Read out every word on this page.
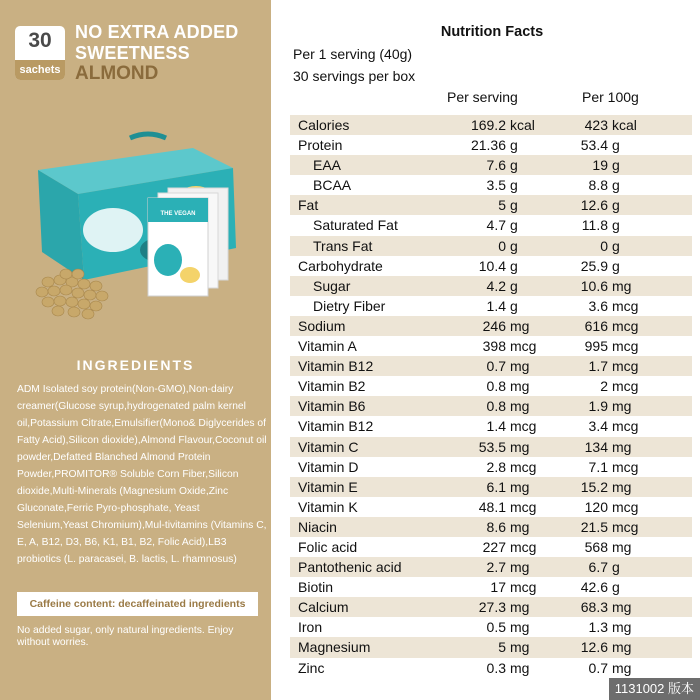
30
sachets
NO EXTRA ADDED SWEETNESS
ALMOND
THE VEGAN
INGREDIENTS
ADM Isolated soy protein(Non-GMO),Non-dairy creamer(Glucose syrup,hydrogenated palm kernel oil,Potassium Citrate,Emulsifier(Mono& Diglycerides of Fatty Acid),Silicon dioxide),Almond Flavour,Coconut oil powder,Defatted Blanched Almond Protein Powder,PROMITOR® Soluble Corn Fiber,Silicon dioxide,Multi-Minerals (Magnesium Oxide,Zinc Gluconate,Ferric Pyro-phosphate, Yeast Selenium,Yeast Chromium),Mul-tivitamins (Vitamins C, E, A, B12, D3, B6, K1, B1, B2, Folic Acid),LB3 probiotics (L. paracasei, B. lactis, L. rhamnosus)
Caffeine content: decaffeinated ingredients
No added sugar, only natural ingredients. Enjoy without worries.
Nutrition Facts
Per 1 serving (40g)
30 servings per box
Per serving	Per 100g
Calories	169.2 kcal	423 kcal
Protein	21.36 g	53.4 g
EAA	7.6 g	19 g
BCAA	3.5 g	8.8 g
Fat	5 g	12.6 g
Saturated Fat	4.7 g	11.8 g
Trans Fat	0 g	0 g
Carbohydrate	10.4 g	25.9 g
Sugar	4.2 g	10.6 mg
Dietry Fiber	1.4 g	3.6 mcg
Sodium	246 mg	616 mcg
Vitamin A	398 mcg	995 mcg
Vitamin B12	0.7 mg	1.7 mcg
Vitamin B2	0.8 mg	2 mcg
Vitamin B6	0.8 mg	1.9 mg
Vitamin B12	1.4 mcg	3.4 mcg
Vitamin C	53.5 mg	134 mg
Vitamin D	2.8 mcg	7.1 mcg
Vitamin E	6.1 mg	15.2 mg
Vitamin K	48.1 mcg	120 mcg
Niacin	8.6 mg	21.5 mcg
Folic acid	227 mcg	568 mg
Pantothenic acid	2.7 mg	6.7 g
Biotin	17 mcg	42.6 g
Calcium	27.3 mg	68.3 mg
Iron	0.5 mg	1.3 mg
Magnesium	5 mg	12.6 mg
Zinc	0.3 mg	0.7 mg
1131002 版本
